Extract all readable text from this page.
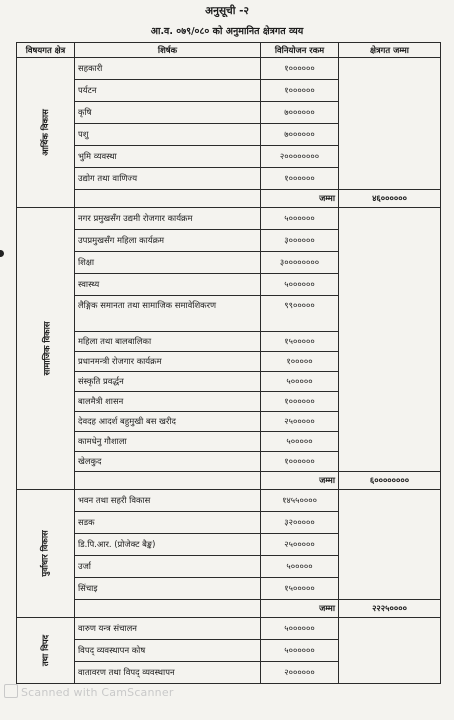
अनुसूची -२
आ.व. ०७९/०८० को अनुमानित क्षेत्रगत व्यय
विषयगत क्षेत्र	शिर्षक	विनियोजन रकम	क्षेत्रगत जम्मा
आर्थिक विकास	सहकारी	१००००००	
	पर्यटन	१००००००	
	कृषि	७००००००	
	पशु	७००००००	
	भुमि व्यवस्था	२००००००००	
	उद्योग तथा वाणिज्य	१००००००	
		जम्मा	४६००००००
सामाजिक विकास	नगर प्रमुखसँग उद्यमी रोजगार कार्यक्रम	५००००००	
	उपप्रमुखसँग महिला कार्यक्रम	३००००००	
	शिक्षा	३००००००००	
	स्वास्थ्य	५००००००	
	लैङ्गिक समानता तथा सामाजिक समावेशिकरण	९९०००००	
	महिला तथा बालबालिका	१५०००००	
	प्रधानमन्त्री रोजगार कार्यक्रम	१०००००	
	संस्कृति प्रवर्द्धन	५०००००	
	बालमैत्री शासन	१००००००	
	देवदह आदर्श बहुमुखी बस खरीद	२५०००००	
	कामधेनु गौशाला	५०००००	
	खेलकुद	१००००००	
		जम्मा	६००००००००
पुर्वाधार विकास	भवन तथा सहरी विकास	१४५५००००	
	सडक	३२०००००	
	डि.पि.आर. (प्रोजेक्ट बैङ्क)	२५०००००	
	उर्जा	५०००००	
	सिंचाइ	१५०००००	
		जम्मा	२२२५००००
तथा विपद	वारुण यन्त्र संचालन	५००००००	
	विपद् व्यवस्थापन कोष	५००००००	
	वातावरण तथा विपद् व्यवस्थापन	२००००००	
Scanned with CamScanner
